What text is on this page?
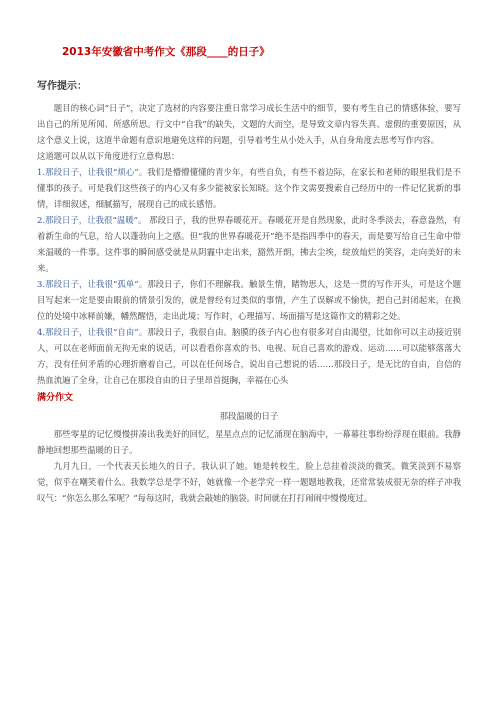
2013年安徽省中考作文《那段____的日子》
写作提示：

题目的核心词“日子”，决定了选材的内容要注重日常学习成长生活中的细节，要有考生自己的情感体验，要写出自己的所见所闻、所感所思。行文中“自我”的缺失，文题的大而空，是导致文章内容失真、虚假的重要原因，从这个意义上说，这道半命题有意识地避免这样的问题，引导着考生从小处入手，从自身角度去思考写作内容。

这道题可以从以下角度进行立意构思：

1.那段日子，让我很“烦心”。我们是懵懵懂懂的青少年，有些自负，有些不着边际，在家长和老师的眼里我们是不懂事的孩子。可是我们这些孩子的内心又有多少能被家长知晓。这个作文需要搜索自己经历中的一件记忆犹新的事情，详细叙述，细腻描写，展现自己的成长感悟。

2.那段日子，让我很“温暖”。 那段日子，我的世界春暖花开。春暖花开是自然现象，此时冬季淡去，春意盎然，有着新生命的气息，给人以蓬勃向上之感。但“我的世界春暖花开”绝不是指四季中的春天，而是要写给自己生命中带来温暖的一件事。这件事的瞬间感受就是从阴霾中走出来，豁然开朗，拂去尘埃，绽放灿烂的笑容，走向美好的未来。

3.那段日子，让我很“孤单”。那段日子，你们不理解我。触景生情，睹物思人，这是一贯的写作开头，可是这个题目写起来一定是要由眼前的情景引发的，就是曾经有过类似的事情，产生了误解或不愉快，把自己封闭起来，在换位的处境中冰释前嫌，幡然醒悟，走出此境；写作时，心理描写、场面描写是这篇作文的精彩之处。

4.那段日子，让我很“自由”。那段日子，我很自由。脑膜的孩子内心也有很多对自由渴望，比如你可以主动接近别人，可以在老师面前无拘无束的说话，可以看看你喜欢的书、电视、玩自己喜欢的游戏、运动……可以能够落落大方，没有任何矛盾的心理折磨着自己，可以在任何场合，说出自己想说的话……那段日子，是无比的自由，自信的热血流遍了全身，让自己在那段自由的日子里昂首挺胸，幸福在心头

满分作文
那段温暖的日子

那些零星的记忆慢慢拼凑出我美好的回忆，星星点点的记忆涌现在脑海中，一幕幕往事纷纷浮现在眼前。我静静地回想那些温暖的日子。

九月九日，一个代表天长地久的日子，我认识了她。她是转校生，脸上总挂着淡淡的微笑。微笑淡到不易察觉，似乎在嘲笑着什么。我数学总是学不好，她就像一个老学究一样一题题地教我，还常常装成很无奈的样子冲我叹气：“你怎么那么笨呢？”每每这时，我就会敲她的脑袋。时间就在打打闹闹中慢慢度过。
